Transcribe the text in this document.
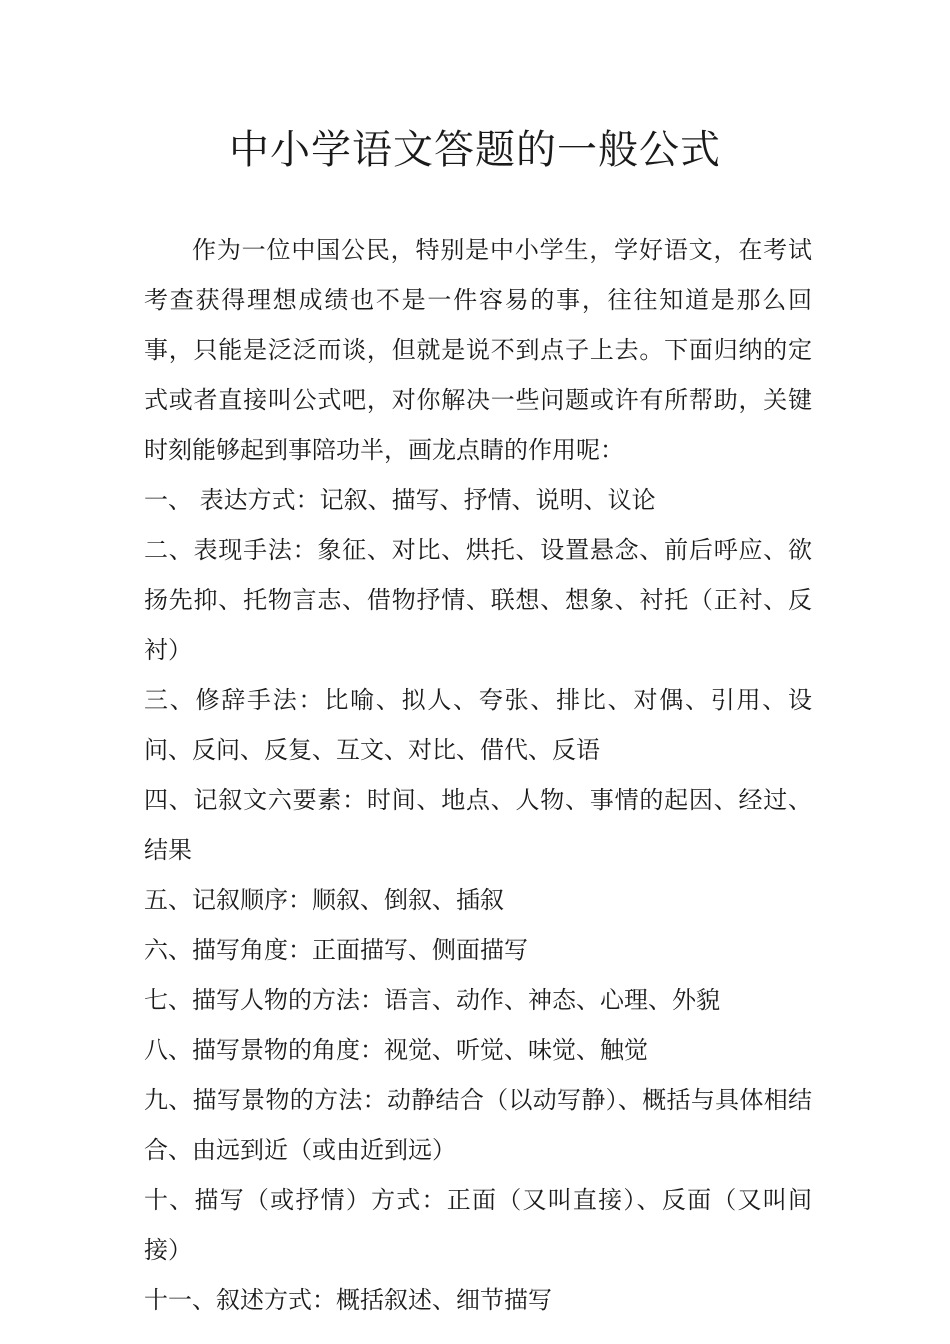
中小学语文答题的一般公式

作为一位中国公民，特别是中小学生，学好语文，在考试考查获得理想成绩也不是一件容易的事，往往知道是那么回事，只能是泛泛而谈，但就是说不到点子上去。下面归纳的定式或者直接叫公式吧，对你解决一些问题或许有所帮助，关键时刻能够起到事陪功半，画龙点睛的作用呢：

一、 表达方式：记叙、描写、抒情、说明、议论

二、表现手法：象征、对比、烘托、设置悬念、前后呼应、欲扬先抑、托物言志、借物抒情、联想、想象、衬托（正衬、反衬）

三、修辞手法：比喻、拟人、夸张、排比、对偶、引用、设问、反问、反复、互文、对比、借代、反语

四、记叙文六要素：时间、地点、人物、事情的起因、经过、结果

五、记叙顺序：顺叙、倒叙、插叙

六、描写角度：正面描写、侧面描写

七、描写人物的方法：语言、动作、神态、心理、外貌

八、描写景物的角度：视觉、听觉、味觉、触觉

九、描写景物的方法：动静结合（以动写静）、概括与具体相结合、由远到近（或由近到远）

十、描写（或抒情）方式：正面（又叫直接）、反面（又叫间接）

十一、叙述方式：概括叙述、细节描写
